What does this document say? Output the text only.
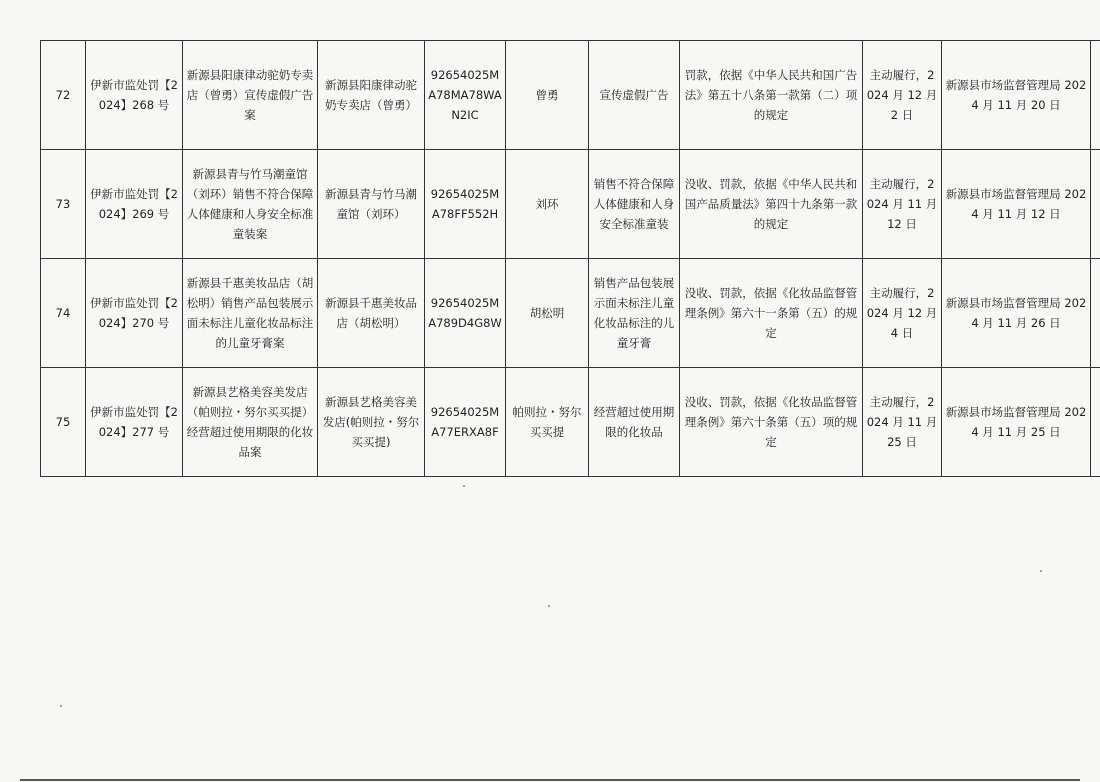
72	伊新市监处罚【2024】268 号	新源县阳康律动驼奶专卖店（曾勇）宣传虚假广告案	新源县阳康律动驼奶专卖店（曾勇）	92654025MA78MA78WAN2IC	曾勇	宣传虚假广告	罚款，依据《中华人民共和国广告法》第五十八条第一款第（二）项的规定	主动履行，2024 月 12 月 2 日	新源县市场监督管理局 2024 月 11 月 20 日	
73	伊新市监处罚【2024】269 号	新源县青与竹马潮童馆（刘环）销售不符合保障人体健康和人身安全标准童装案	新源县青与竹马潮童馆（刘环）	92654025MA78FF552H	刘环	销售不符合保障人体健康和人身安全标准童装	没收、罚款，依据《中华人民共和国产品质量法》第四十九条第一款的规定	主动履行，2024 月 11 月 12 日	新源县市场监督管理局 2024 月 11 月 12 日	
74	伊新市监处罚【2024】270 号	新源县千惠美妆品店（胡松明）销售产品包装展示面未标注儿童化妆品标注的儿童牙膏案	新源县千惠美妆品店（胡松明）	92654025MA789D4G8W	胡松明	销售产品包装展示面未标注儿童化妆品标注的儿童牙膏	没收、罚款，依据《化妆品监督管理条例》第六十一条第（五）的规定	主动履行，2024 月 12 月 4 日	新源县市场监督管理局 2024 月 11 月 26 日	
75	伊新市监处罚【2024】277 号	新源县艺格美容美发店（帕则拉・努尔买买提）经营超过使用期限的化妆品案	新源县艺格美容美发店(帕则拉・努尔买买提)	92654025MA77ERXA8F	帕则拉・努尔买买提	经营超过使用期限的化妆品	没收、罚款，依据《化妆品监督管理条例》第六十条第（五）项的规定	主动履行，2024 月 11 月 25 日	新源县市场监督管理局 2024 月 11 月 25 日	
